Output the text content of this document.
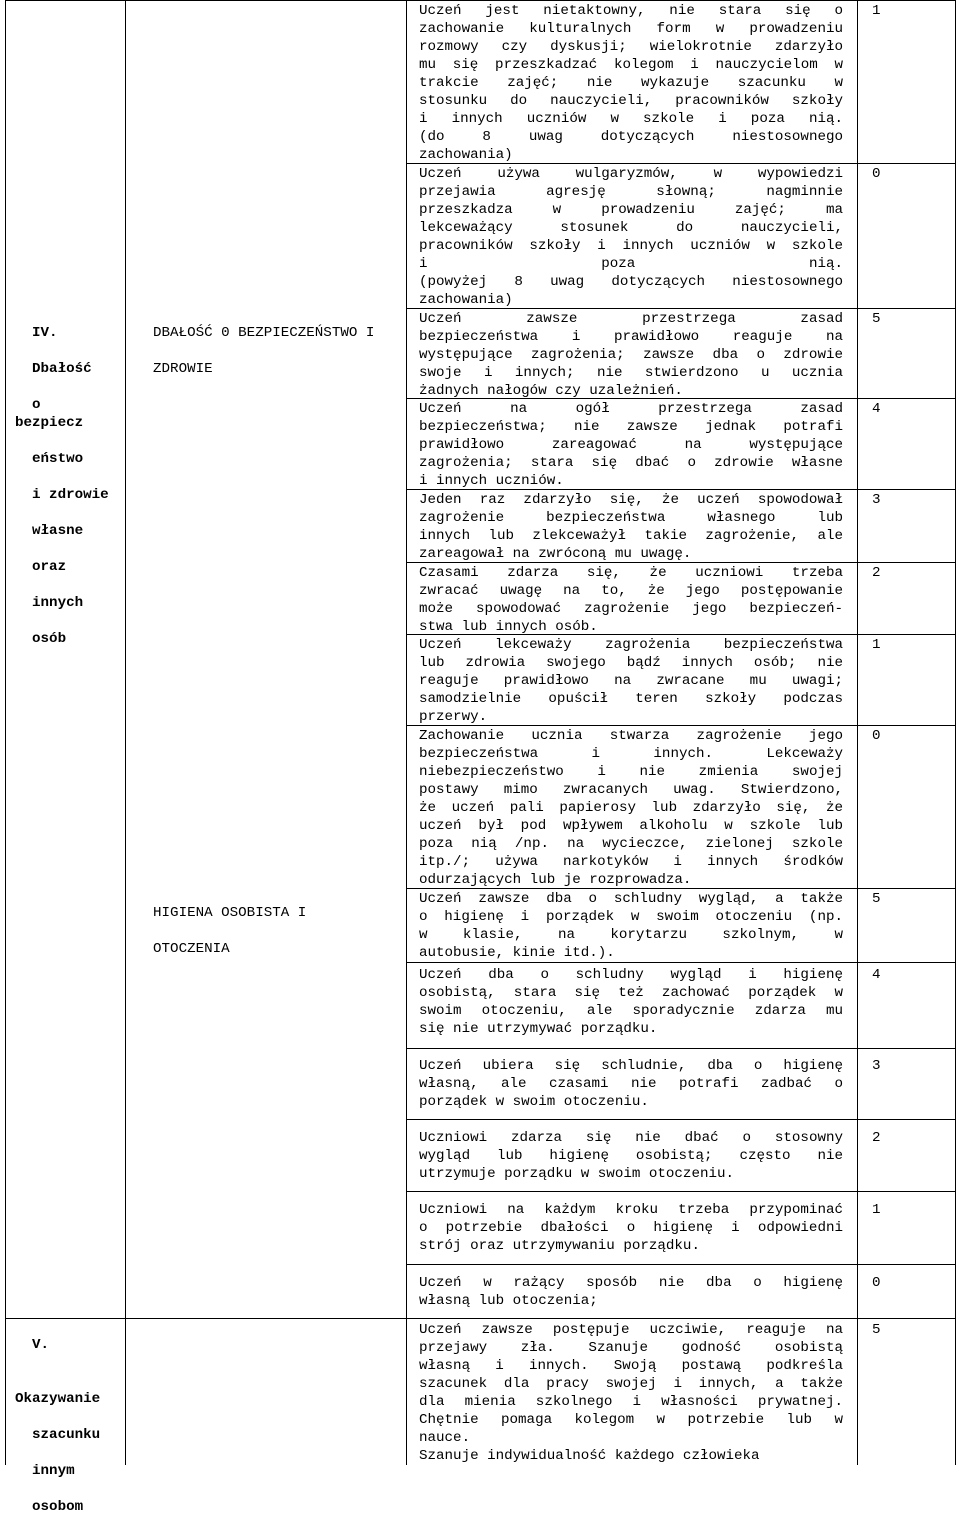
IV.

Dbałość

o bezpiecz

eństwo

i zdrowie

własne

oraz

innych

osób

V.

Okazywanie

szacunku

innym

osobom

DBAŁOŚĆ 0 BEZPIECZEŃSTWO I

ZDROWIE

HIGIENA OSOBISTA I

OTOCZENIA

Uczeń jest nietaktowny, nie stara się o
zachowanie kulturalnych form w prowadzeniu
rozmowy czy dyskusji; wielokrotnie zdarzyło
mu się przeszkadzać kolegom i nauczycielom w
trakcie zajęć; nie wykazuje szacunku w
stosunku do nauczycieli, pracowników szkoły
i innych uczniów w szkole i poza nią.
(do 8 uwag dotyczących niestosownego
zachowania)
1
Uczeń używa wulgaryzmów, w wypowiedzi
przejawia agresję słowną; nagminnie
przeszkadza w prowadzeniu zajęć; ma
lekceważący stosunek do nauczycieli,
pracowników szkoły i innych uczniów w szkole
i poza nią.
(powyżej 8 uwag dotyczących niestosownego
zachowania)
0
Uczeń zawsze przestrzega zasad
bezpieczeństwa i prawidłowo reaguje na
występujące zagrożenia; zawsze dba o zdrowie
swoje i innych; nie stwierdzono u ucznia
żadnych nałogów czy uzależnień.
5
Uczeń na ogół przestrzega zasad
bezpieczeństwa; nie zawsze jednak potrafi
prawidłowo zareagować na występujące
zagrożenia; stara się dbać o zdrowie własne
i innych uczniów.
4
Jeden raz zdarzyło się, że uczeń spowodował
zagrożenie bezpieczeństwa własnego lub
innych lub zlekceważył takie zagrożenie, ale
zareagował na zwróconą mu uwagę.
3
Czasami zdarza się, że uczniowi trzeba
zwracać uwagę na to, że jego postępowanie
może spowodować zagrożenie jego bezpieczeń-
stwa lub innych osób.
2
Uczeń lekceważy zagrożenia bezpieczeństwa
lub zdrowia swojego bądź innych osób; nie
reaguje prawidłowo na zwracane mu uwagi;
samodzielnie opuścił teren szkoły podczas
przerwy.
1
Zachowanie ucznia stwarza zagrożenie jego
bezpieczeństwa i innych. Lekceważy
niebezpieczeństwo i nie zmienia swojej
postawy mimo zwracanych uwag. Stwierdzono,
że uczeń pali papierosy lub zdarzyło się, że
uczeń był pod wpływem alkoholu w szkole lub
poza nią /np. na wycieczce, zielonej szkole
itp./; używa narkotyków i innych środków
odurzających lub je rozprowadza.
0
Uczeń zawsze dba o schludny wygląd, a także
o higienę i porządek w swoim otoczeniu (np.
w klasie, na korytarzu szkolnym, w
autobusie, kinie itd.).
5
Uczeń dba o schludny wygląd i higienę
osobistą, stara się też zachować porządek w
swoim otoczeniu, ale sporadycznie zdarza mu
się nie utrzymywać porządku.
4
Uczeń ubiera się schludnie, dba o higienę
własną, ale czasami nie potrafi zadbać o
porządek w swoim otoczeniu.
3
Uczniowi zdarza się nie dbać o stosowny
wygląd lub higienę osobistą; często nie
utrzymuje porządku w swoim otoczeniu.
2
Uczniowi na każdym kroku trzeba przypominać
o potrzebie dbałości o higienę i odpowiedni
strój oraz utrzymywaniu porządku.
1
Uczeń w rażący sposób nie dba o higienę
własną lub otoczenia;
0
Uczeń zawsze postępuje uczciwie, reaguje na
przejawy zła. Szanuje godność osobistą
własną i innych. Swoją postawą podkreśla
szacunek dla pracy swojej i innych, a także
dla mienia szkolnego i własności prywatnej.
Chętnie pomaga kolegom w potrzebie lub w
nauce.
Szanuje indywidualność każdego człowieka
5
